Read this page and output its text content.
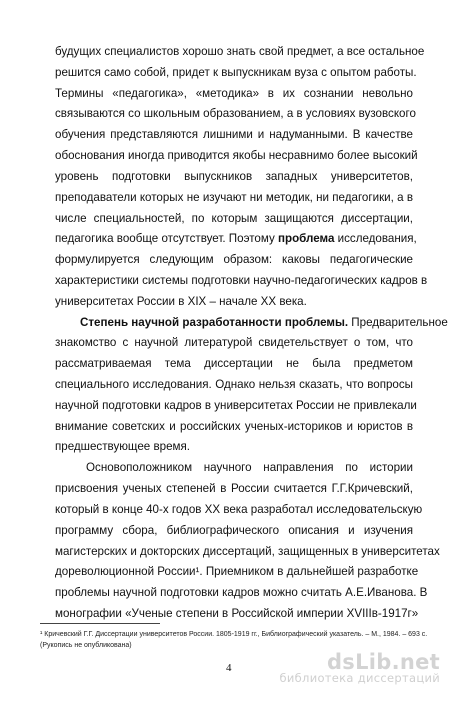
будущих специалистов хорошо знать свой предмет, а все остальное
решится само собой, придет к выпускникам вуза с опытом работы.
Термины «педагогика», «методика» в их сознании невольно
связываются со школьным образованием, а в условиях вузовского
обучения представляются лишними и надуманными. В качестве
обоснования иногда приводится якобы несравнимо более высокий
уровень подготовки выпускников западных университетов,
преподаватели которых не изучают ни методик, ни педагогики, а в
числе специальностей, по которым защищаются диссертации,
педагогика вообще отсутствует. Поэтому проблема исследования,
формулируется следующим образом: каковы педагогические
характеристики системы подготовки научно-педагогических кадров в
университетах России в XIX – начале XX века.
Степень научной разработанности проблемы. Предварительное
знакомство с научной литературой свидетельствует о том, что
рассматриваемая тема диссертации не была предметом
специального исследования. Однако нельзя сказать, что вопросы
научной подготовки кадров в университетах России не привлекали
внимание советских и российских ученых-историков и юристов в
предшествующее время.
Основоположником научного направления по истории
присвоения ученых степеней в России считается Г.Г.Кричевский,
который в конце 40-х годов XX века разработал исследовательскую
программу сбора, библиографического описания и изучения
магистерских и докторских диссертаций, защищенных в университетах
дореволюционной России¹. Приемником в дальнейшей разработке
проблемы научной подготовки кадров можно считать А.Е.Иванова. В
монографии «Ученые степени в Российской империи XVIIIв-1917г»
¹ Кричевский Г.Г. Диссертации университетов России. 1805-1919 гг., Библиографический указатель. – М., 1984. – 693 с.
(Рукопись не опубликована)
4	dsLib.net
библиотека диссертаций
